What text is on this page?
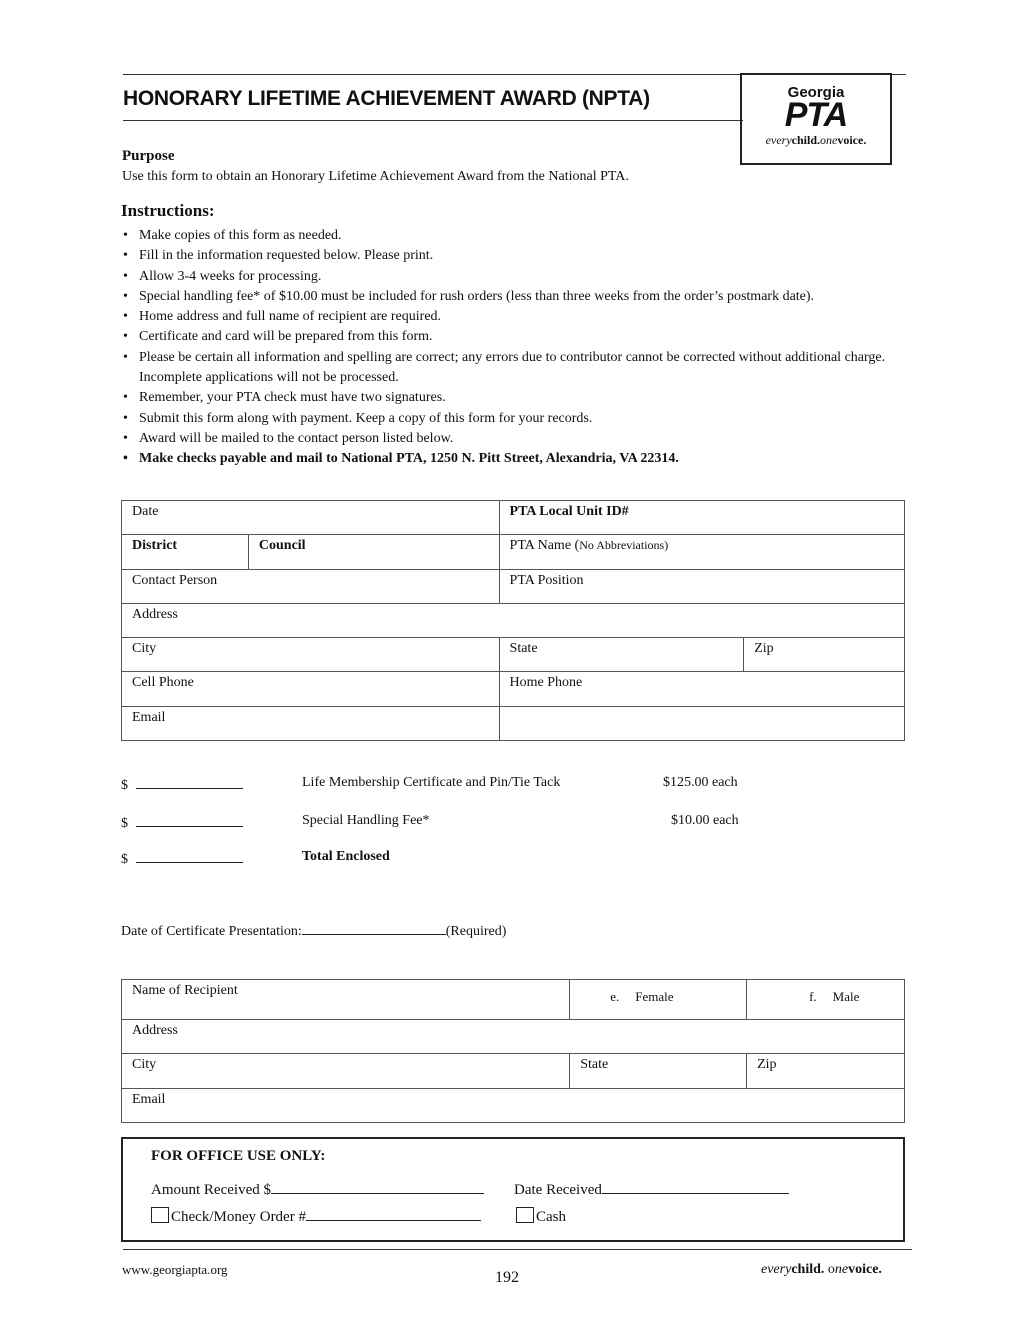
HONORARY LIFETIME ACHIEVEMENT AWARD (NPTA)	Georgia
PTA
everychild.onevoice.
Purpose
Use this form to obtain an Honorary Lifetime Achievement Award from the National PTA.
Instructions:
• Make copies of this form as needed.
• Fill in the information requested below. Please print.
• Allow 3-4 weeks for processing.
• Special handling fee* of $10.00 must be included for rush orders (less than three weeks from the order’s postmark date).
• Home address and full name of recipient are required.
• Certificate and card will be prepared from this form.
• Please be certain all information and spelling are correct; any errors due to contributor cannot be corrected without additional charge. Incomplete applications will not be processed.
• Remember, your PTA check must have two signatures.
• Submit this form along with payment. Keep a copy of this form for your records.
• Award will be mailed to the contact person listed below.
• Make checks payable and mail to National PTA, 1250 N. Pitt Street, Alexandria, VA 22314.
Date		PTA Local Unit ID#	
District	Council	PTA Name (No Abbreviations)	
Contact Person		PTA Position	
Address			
City		State	Zip
Cell Phone		Home Phone	
Email			
$	Life Membership Certificate and Pin/Tie Tack	$125.00 each
$	Special Handling Fee*	$10.00 each
$	Total Enclosed
Date of Certificate Presentation:	(Required)
Name of Recipient	e. Female	f. Male
Address		
City	State	Zip
Email		
FOR OFFICE USE ONLY:
Amount Received $	Date Received
Check/Money Order #	Cash
www.georgiapta.org	192	everychild. onevoice.
